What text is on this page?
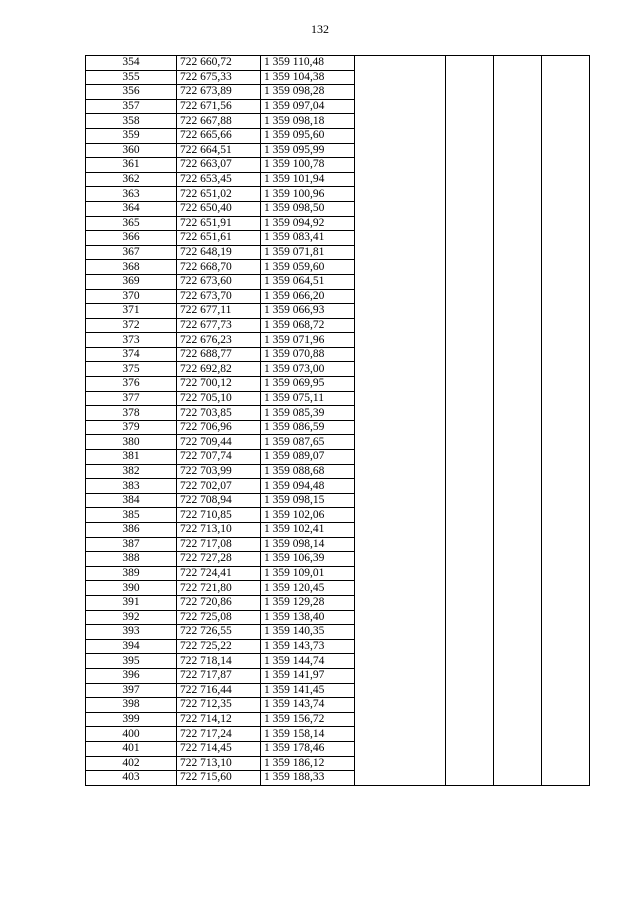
132
354	722 660,72	1 359 110,48				
355	722 675,33	1 359 104,38				
356	722 673,89	1 359 098,28				
357	722 671,56	1 359 097,04				
358	722 667,88	1 359 098,18				
359	722 665,66	1 359 095,60				
360	722 664,51	1 359 095,99				
361	722 663,07	1 359 100,78				
362	722 653,45	1 359 101,94				
363	722 651,02	1 359 100,96				
364	722 650,40	1 359 098,50				
365	722 651,91	1 359 094,92				
366	722 651,61	1 359 083,41				
367	722 648,19	1 359 071,81				
368	722 668,70	1 359 059,60				
369	722 673,60	1 359 064,51				
370	722 673,70	1 359 066,20				
371	722 677,11	1 359 066,93				
372	722 677,73	1 359 068,72				
373	722 676,23	1 359 071,96				
374	722 688,77	1 359 070,88				
375	722 692,82	1 359 073,00				
376	722 700,12	1 359 069,95				
377	722 705,10	1 359 075,11				
378	722 703,85	1 359 085,39				
379	722 706,96	1 359 086,59				
380	722 709,44	1 359 087,65				
381	722 707,74	1 359 089,07				
382	722 703,99	1 359 088,68				
383	722 702,07	1 359 094,48				
384	722 708,94	1 359 098,15				
385	722 710,85	1 359 102,06				
386	722 713,10	1 359 102,41				
387	722 717,08	1 359 098,14				
388	722 727,28	1 359 106,39				
389	722 724,41	1 359 109,01				
390	722 721,80	1 359 120,45				
391	722 720,86	1 359 129,28				
392	722 725,08	1 359 138,40				
393	722 726,55	1 359 140,35				
394	722 725,22	1 359 143,73				
395	722 718,14	1 359 144,74				
396	722 717,87	1 359 141,97				
397	722 716,44	1 359 141,45				
398	722 712,35	1 359 143,74				
399	722 714,12	1 359 156,72				
400	722 717,24	1 359 158,14				
401	722 714,45	1 359 178,46				
402	722 713,10	1 359 186,12				
403	722 715,60	1 359 188,33				
